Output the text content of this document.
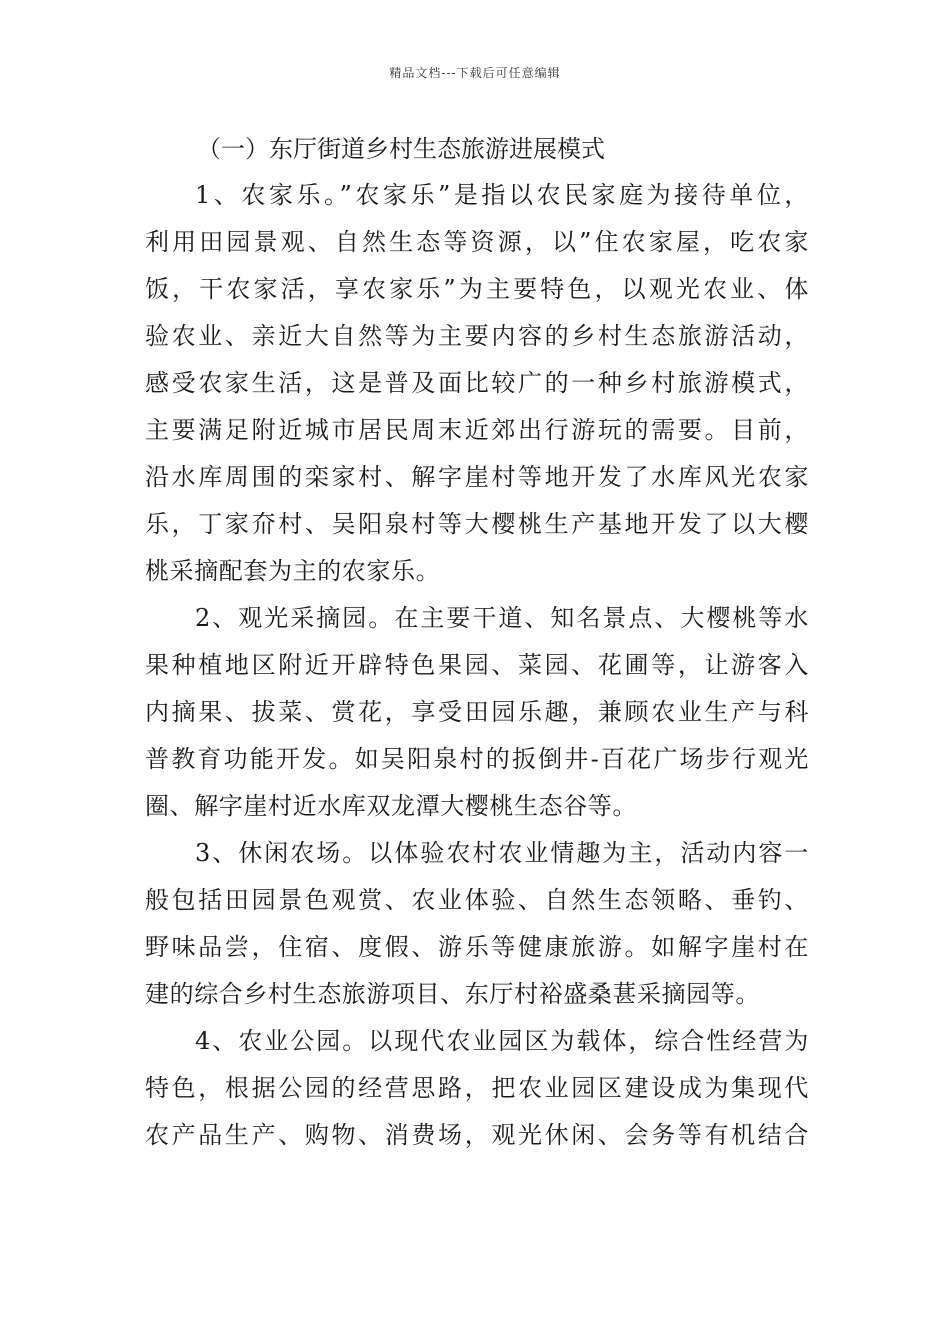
精品文档---下载后可任意编辑
（一）东厅街道乡村生态旅游进展模式
1、农家乐。”农家乐”是指以农民家庭为接待单位，
利用田园景观、自然生态等资源，以”住农家屋，吃农家
饭，干农家活，享农家乐”为主要特色，以观光农业、体
验农业、亲近大自然等为主要内容的乡村生态旅游活动，
感受农家生活，这是普及面比较广的一种乡村旅游模式，
主要满足附近城市居民周末近郊出行游玩的需要。目前，
沿水库周围的栾家村、解字崖村等地开发了水库风光农家
乐，丁家夼村、吴阳泉村等大樱桃生产基地开发了以大樱
桃采摘配套为主的农家乐。
2、观光采摘园。在主要干道、知名景点、大樱桃等水
果种植地区附近开辟特色果园、菜园、花圃等，让游客入
内摘果、拔菜、赏花，享受田园乐趣，兼顾农业生产与科
普教育功能开发。如吴阳泉村的扳倒井-百花广场步行观光
圈、解字崖村近水库双龙潭大樱桃生态谷等。
3、休闲农场。以体验农村农业情趣为主，活动内容一
般包括田园景色观赏、农业体验、自然生态领略、垂钓、
野味品尝，住宿、度假、游乐等健康旅游。如解字崖村在
建的综合乡村生态旅游项目、东厅村裕盛桑葚采摘园等。
4、农业公园。以现代农业园区为载体，综合性经营为
特色，根据公园的经营思路，把农业园区建设成为集现代
农产品生产、购物、消费场，观光休闲、会务等有机结合
